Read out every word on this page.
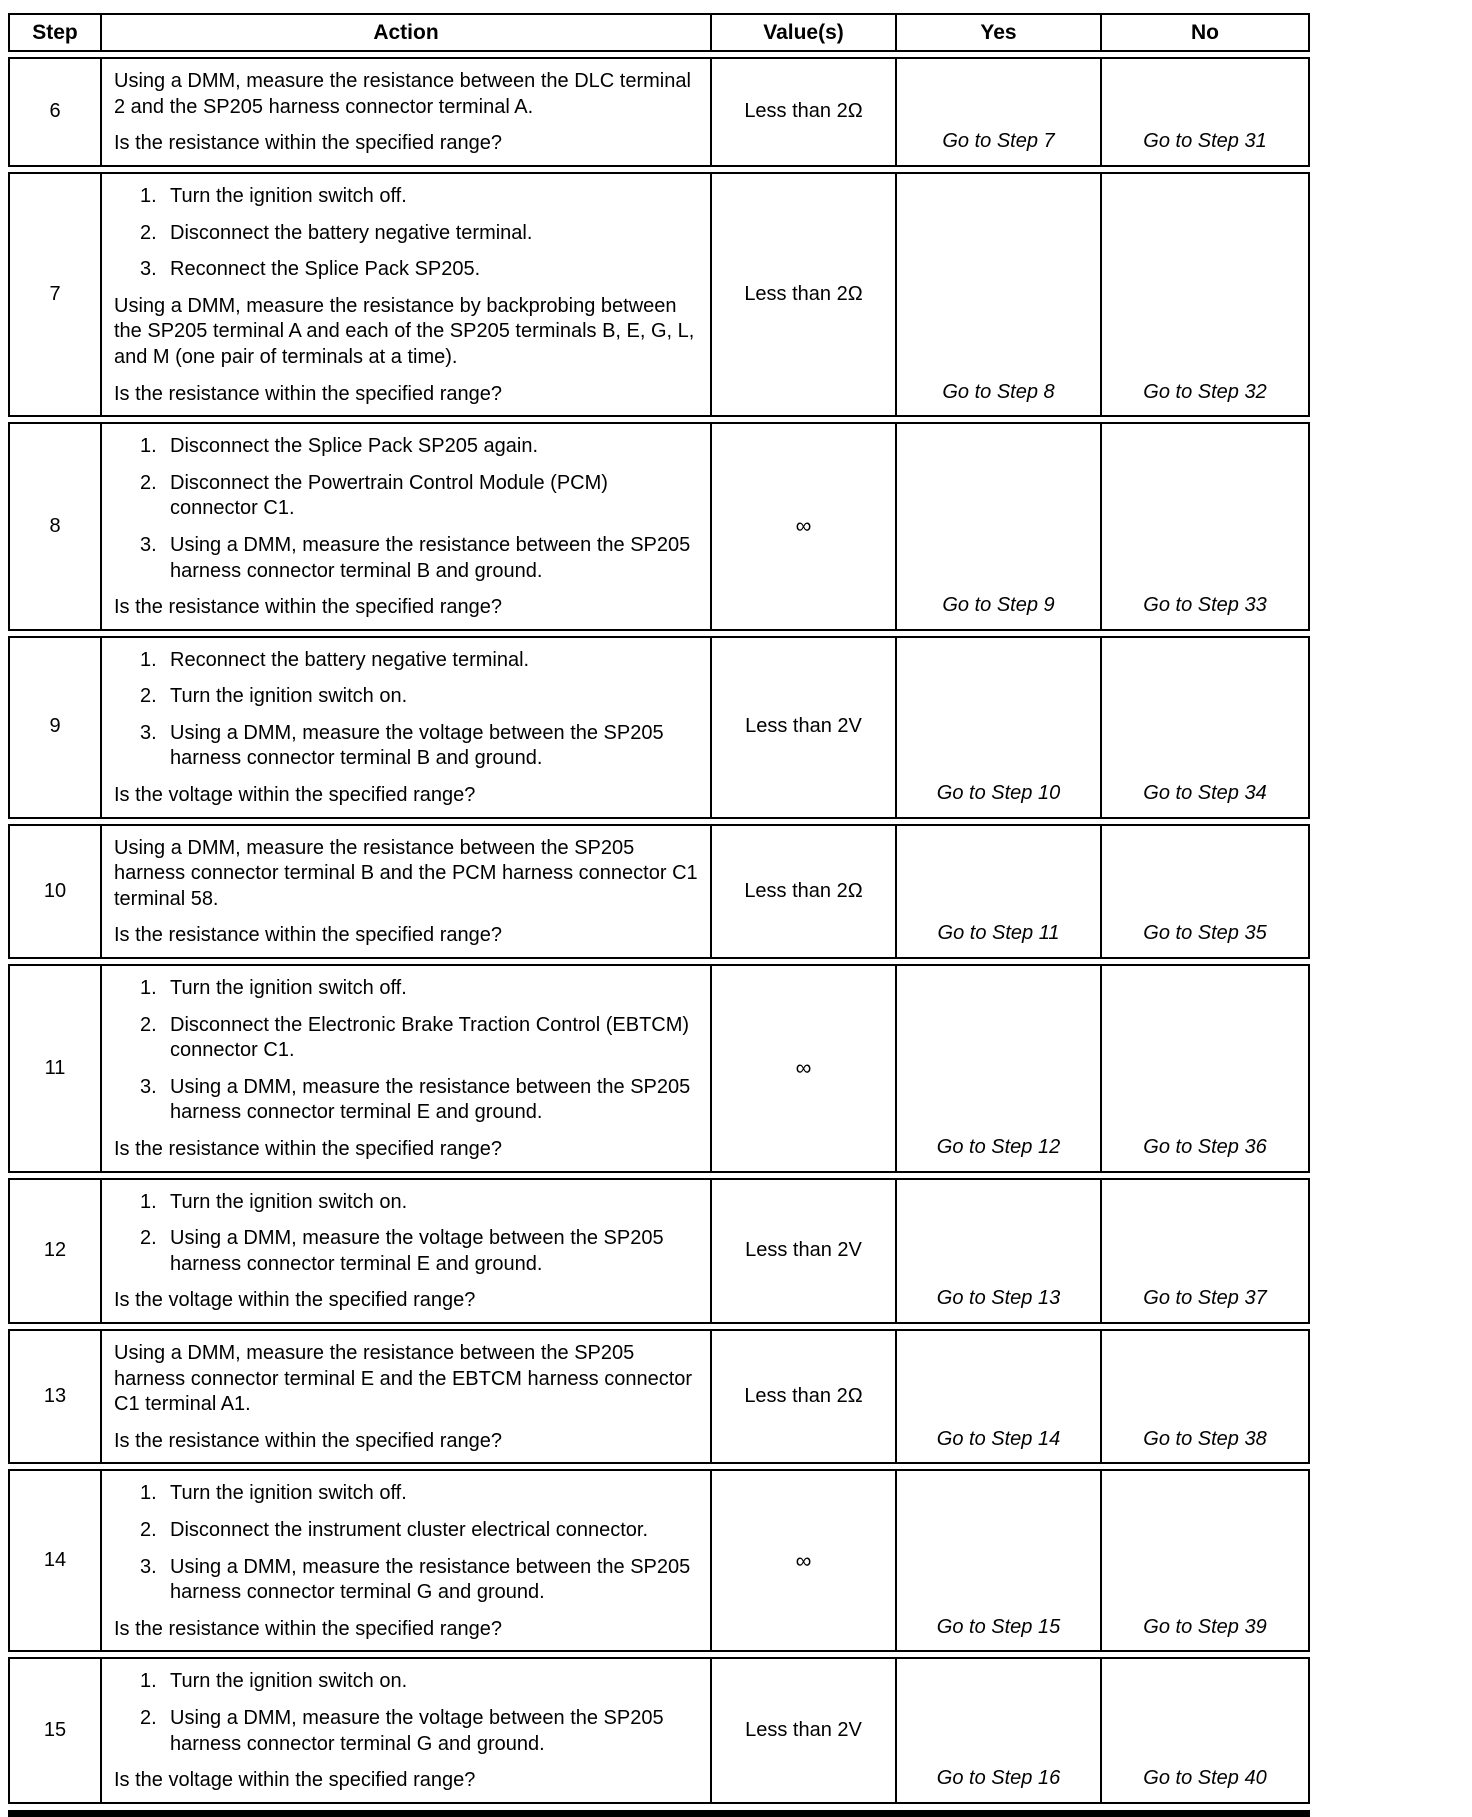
Step	Action	Value(s)	Yes	No
6	Using a DMM, measure the resistance between the DLC terminal 2 and the SP205 harness connector terminal A.
Is the resistance within the specified range?	Less than 2Ω	Go to Step 7	Go to Step 31
7	
1. Turn the ignition switch off.
2. Disconnect the battery negative terminal.
3. Reconnect the Splice Pack SP205.
Using a DMM, measure the resistance by backprobing between the SP205 terminal A and each of the SP205 terminals B, E, G, L, and M (one pair of terminals at a time).
Is the resistance within the specified range?
	Less than 2Ω	Go to Step 8	Go to Step 32
8	
1. Disconnect the Splice Pack SP205 again.
2. Disconnect the Powertrain Control Module (PCM) connector C1.
3. Using a DMM, measure the resistance between the SP205 harness connector terminal B and ground.
Is the resistance within the specified range?
	∞	Go to Step 9	Go to Step 33
9	
1. Reconnect the battery negative terminal.
2. Turn the ignition switch on.
3. Using a DMM, measure the voltage between the SP205 harness connector terminal B and ground.
Is the voltage within the specified range?
	Less than 2V	Go to Step 10	Go to Step 34
10	Using a DMM, measure the resistance between the SP205 harness connector terminal B and the PCM harness connector C1 terminal 58.
Is the resistance within the specified range?	Less than 2Ω	Go to Step 11	Go to Step 35
11	
1. Turn the ignition switch off.
2. Disconnect the Electronic Brake Traction Control (EBTCM) connector C1.
3. Using a DMM, measure the resistance between the SP205 harness connector terminal E and ground.
Is the resistance within the specified range?
	∞	Go to Step 12	Go to Step 36
12	1. Turn the ignition switch on.
2. Using a DMM, measure the voltage between the SP205 harness connector terminal E and ground.
Is the voltage within the specified range?	Less than 2V	Go to Step 13	Go to Step 37
13	Using a DMM, measure the resistance between the SP205 harness connector terminal E and the EBTCM harness connector C1 terminal A1.
Is the resistance within the specified range?	Less than 2Ω	Go to Step 14	Go to Step 38
14	
1. Turn the ignition switch off.
2. Disconnect the instrument cluster electrical connector.
3. Using a DMM, measure the resistance between the SP205 harness connector terminal G and ground.
Is the resistance within the specified range?
	∞	Go to Step 15	Go to Step 39
15	1. Turn the ignition switch on.
2. Using a DMM, measure the voltage between the SP205 harness connector terminal G and ground.
Is the voltage within the specified range?	Less than 2V	Go to Step 16	Go to Step 40
